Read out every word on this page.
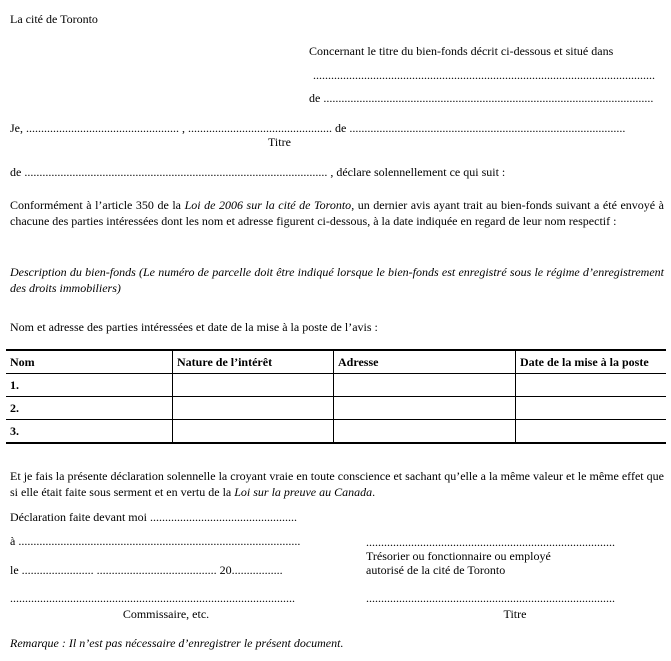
La cité de Toronto
Concernant le titre du bien-fonds décrit ci-dessous et situé dans
..................................................................................................................
de ..............................................................................................................
Je, ................................................... , ................................................ de ............................................................................................
Titre
de ..................................................................................................... , déclare solennellement ce qui suit :
Conformément à l’article 350 de la Loi de 2006 sur la cité de Toronto, un dernier avis ayant trait au bien-fonds suivant a été envoyé à chacune des parties intéressées dont les nom et adresse figurent ci-dessous, à la date indiquée en regard de leur nom respectif :
Description du bien-fonds (Le numéro de parcelle doit être indiqué lorsque le bien-fonds est enregistré sous le régime d’enregistrement des droits immobiliers)
Nom et adresse des parties intéressées et date de la mise à la poste de l’avis :
Nom	Nature de l’intérêt	Adresse	Date de la mise à la poste
1.			
2.			
3.			
Et je fais la présente déclaration solennelle la croyant vraie en toute conscience et sachant qu’elle a la même valeur et le même effet que si elle était faite sous serment et en vertu de la Loi sur la preuve au Canada.
Déclaration faite devant moi .................................................
à ..............................................................................................	...................................................................................
Trésorier ou fonctionnaire ou employé
le ........................ ........................................ 20.................	autorisé de la cité de Toronto
...............................................................................................	...................................................................................
Commissaire, etc.	Titre
Remarque : Il n’est pas nécessaire d’enregistrer le présent document.
